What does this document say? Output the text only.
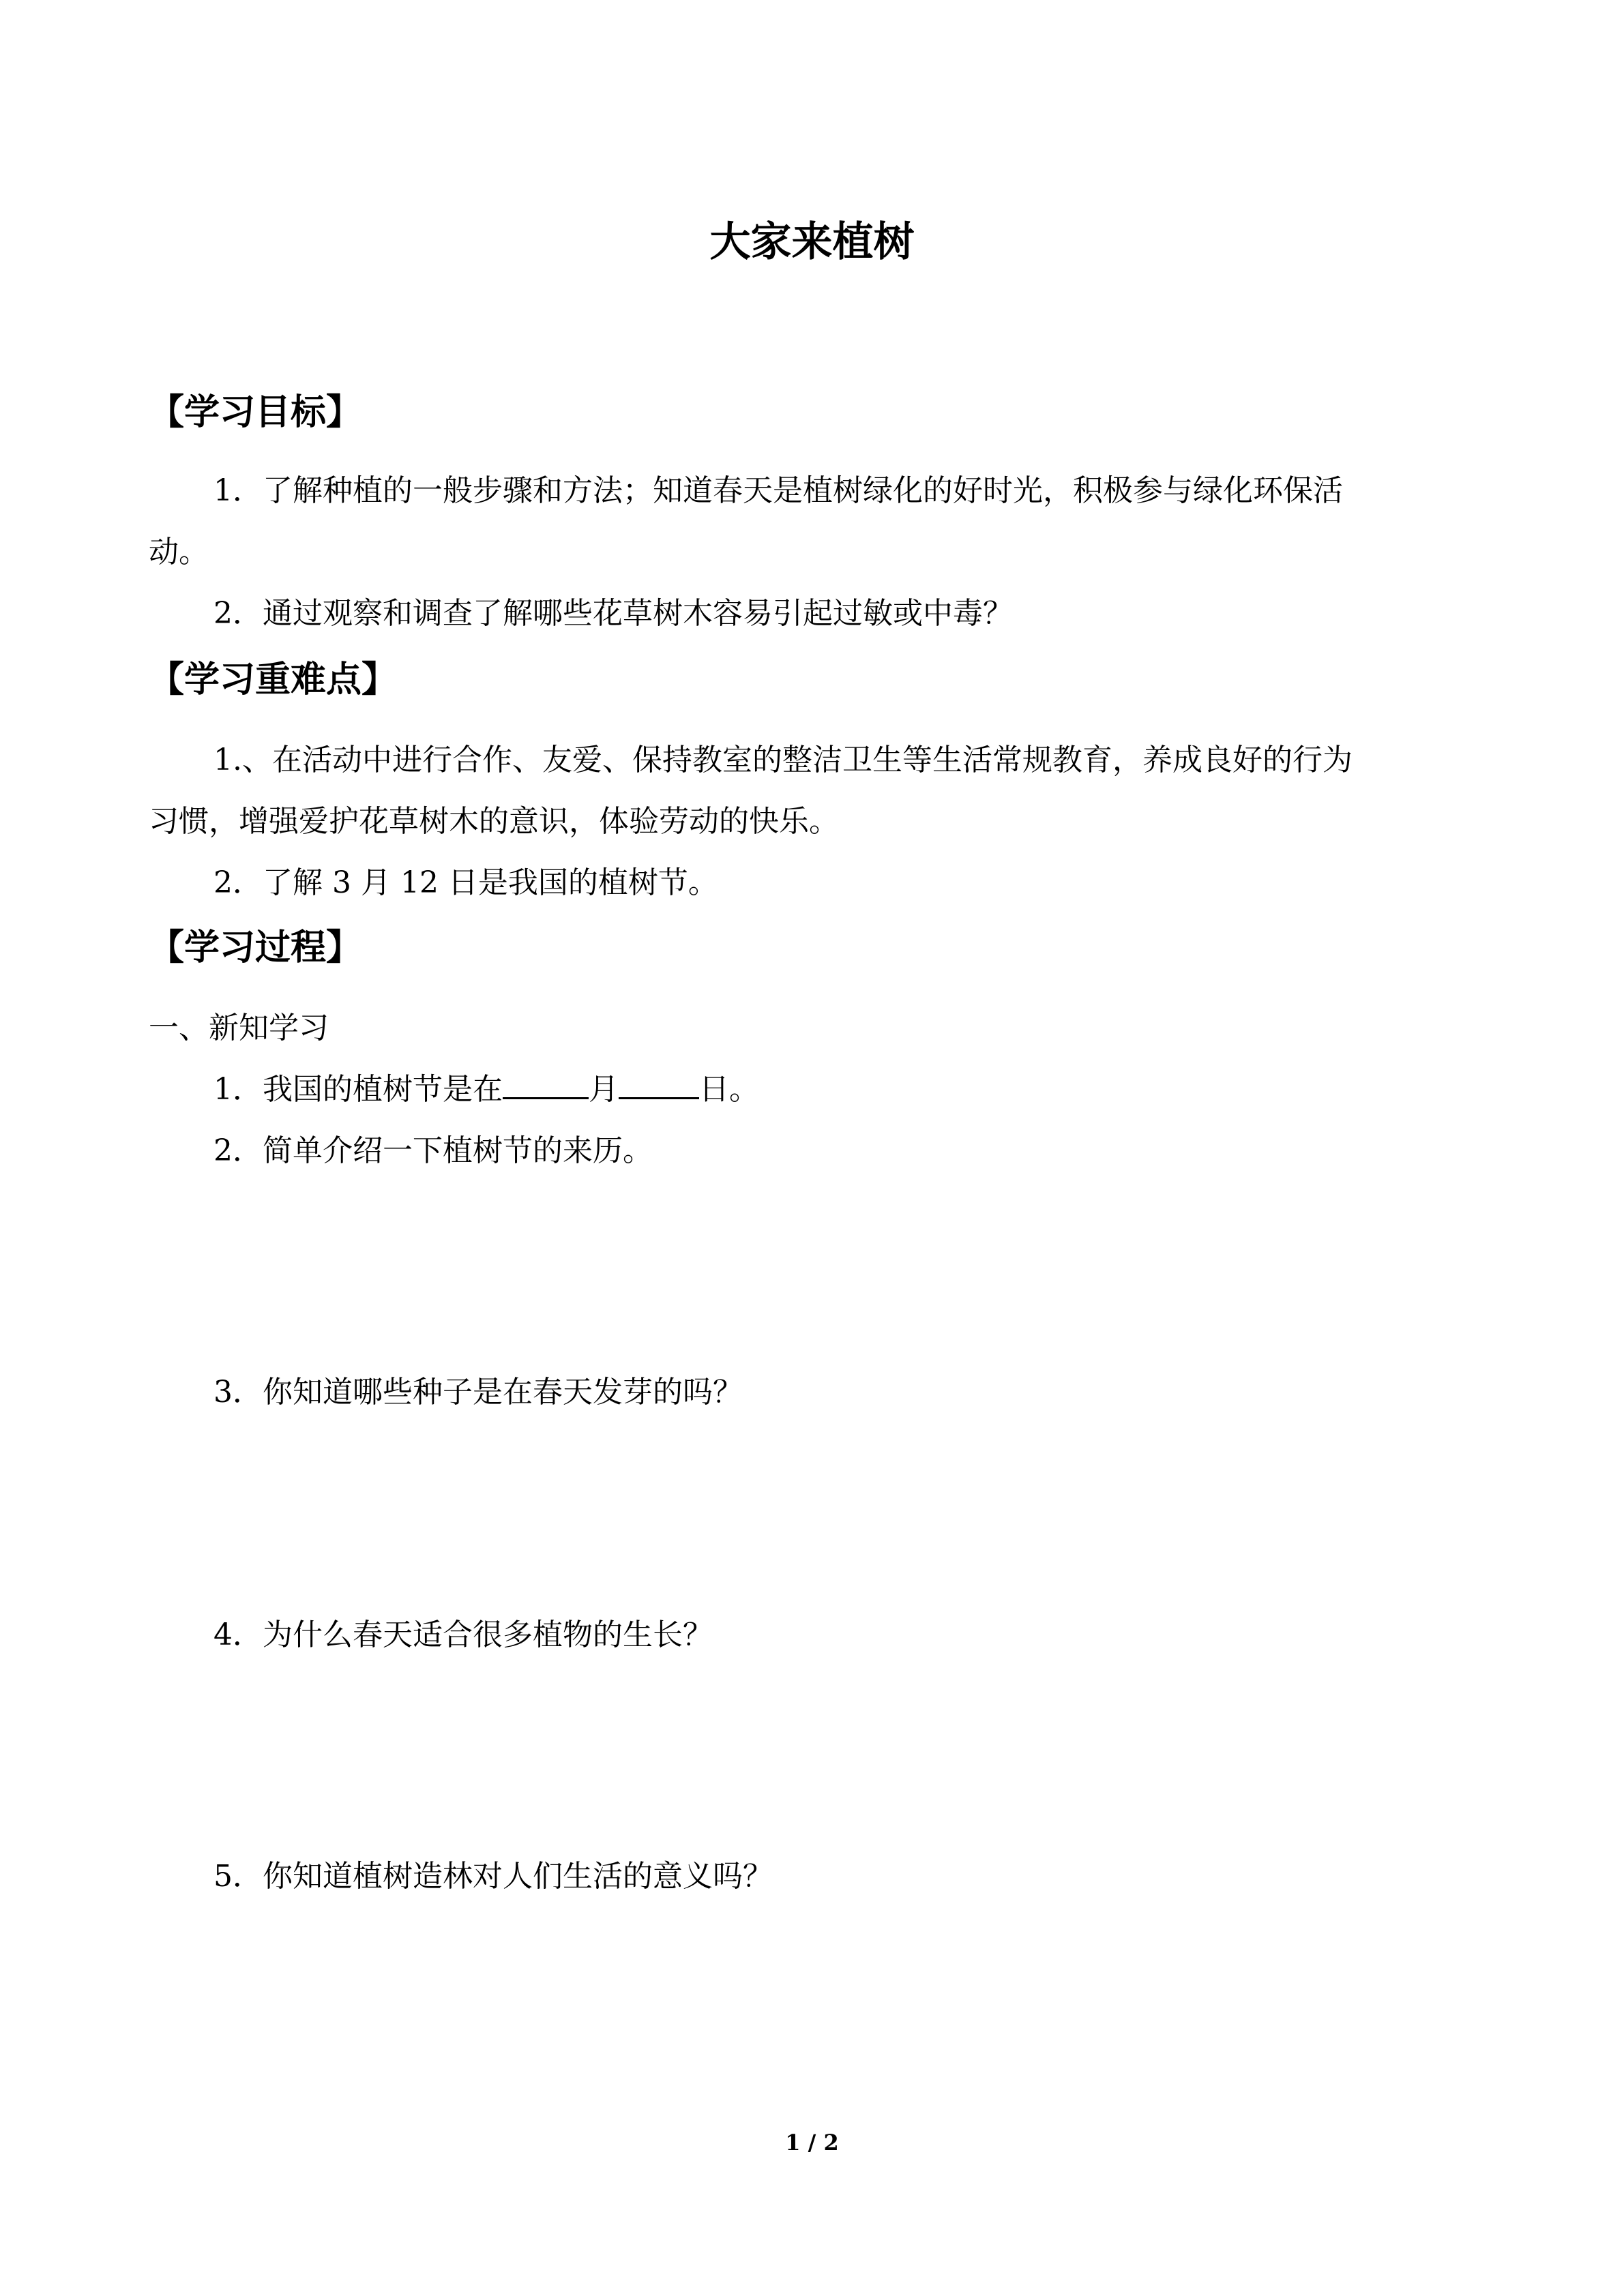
大家来植树
【学习目标】
1．了解种植的一般步骤和方法；知道春天是植树绿化的好时光，积极参与绿化环保活
动。
2．通过观察和调查了解哪些花草树木容易引起过敏或中毒？
【学习重难点】
1.、在活动中进行合作、友爱、保持教室的整洁卫生等生活常规教育，养成良好的行为
习惯，增强爱护花草树木的意识，体验劳动的快乐。
2．了解 3 月 12 日是我国的植树节。
【学习过程】
一、新知学习
1．我国的植树节是在	月	日。
2．简单介绍一下植树节的来历。
3．你知道哪些种子是在春天发芽的吗？
4．为什么春天适合很多植物的生长？
5．你知道植树造林对人们生活的意义吗？
1 / 2
